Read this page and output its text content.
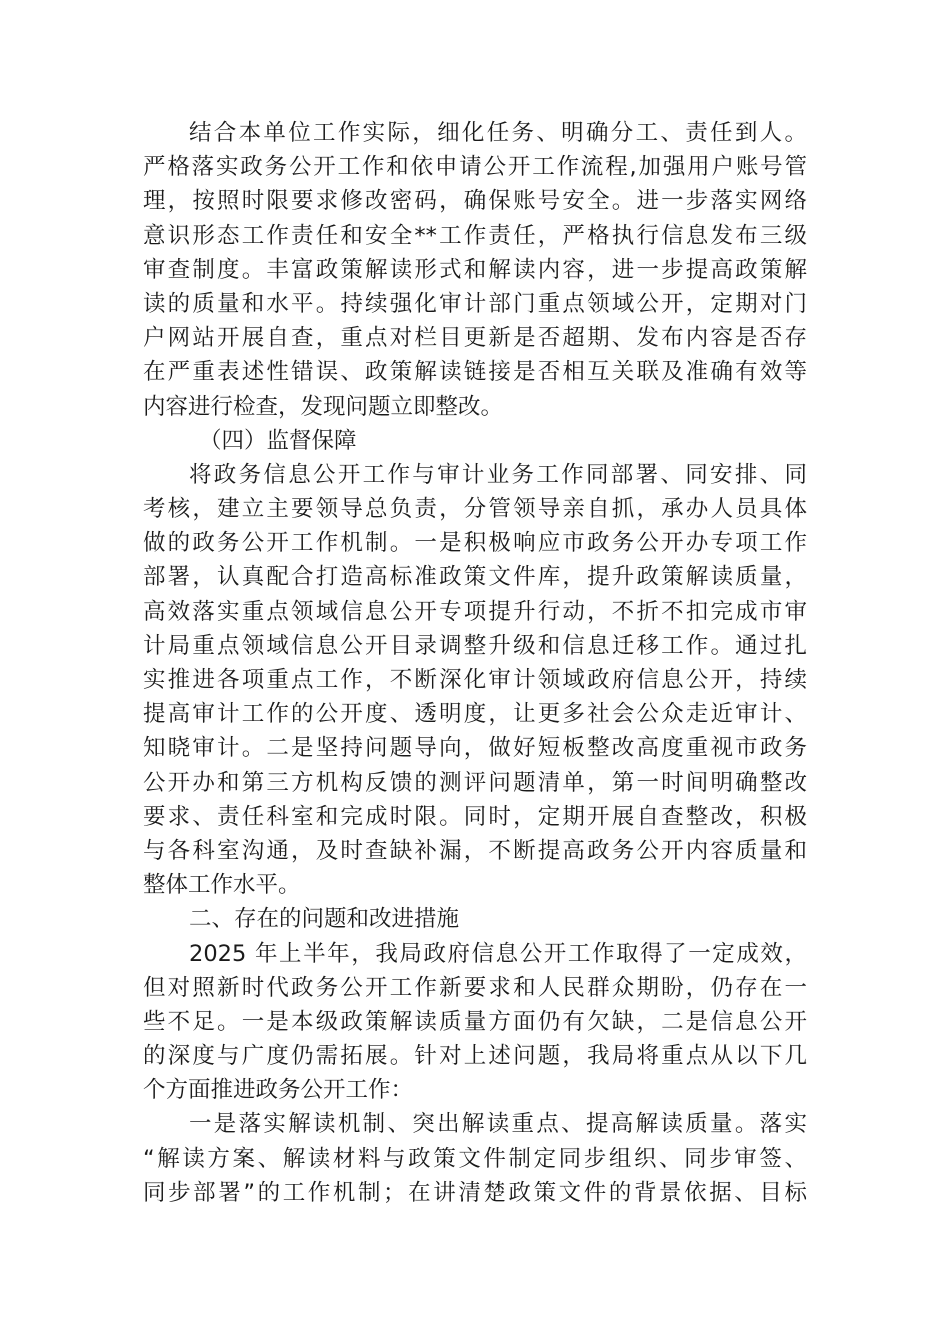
结合本单位工作实际，细化任务、明确分工、责任到人。
严格落实政务公开工作和依申请公开工作流程,加强用户账号管
理，按照时限要求修改密码，确保账号安全。进一步落实网络
意识形态工作责任和安全**工作责任，严格执行信息发布三级
审查制度。丰富政策解读形式和解读内容，进一步提高政策解
读的质量和水平。持续强化审计部门重点领域公开，定期对门
户网站开展自查，重点对栏目更新是否超期、发布内容是否存
在严重表述性错误、政策解读链接是否相互关联及准确有效等
内容进行检查，发现问题立即整改。
（四）监督保障
将政务信息公开工作与审计业务工作同部署、同安排、同
考核，建立主要领导总负责，分管领导亲自抓，承办人员具体
做的政务公开工作机制。一是积极响应市政务公开办专项工作
部署，认真配合打造高标准政策文件库，提升政策解读质量，
高效落实重点领域信息公开专项提升行动，不折不扣完成市审
计局重点领域信息公开目录调整升级和信息迁移工作。通过扎
实推进各项重点工作，不断深化审计领域政府信息公开，持续
提高审计工作的公开度、透明度，让更多社会公众走近审计、
知晓审计。二是坚持问题导向，做好短板整改高度重视市政务
公开办和第三方机构反馈的测评问题清单，第一时间明确整改
要求、责任科室和完成时限。同时，定期开展自查整改，积极
与各科室沟通，及时查缺补漏，不断提高政务公开内容质量和
整体工作水平。
二、存在的问题和改进措施
2025 年上半年，我局政府信息公开工作取得了一定成效，
但对照新时代政务公开工作新要求和人民群众期盼，仍存在一
些不足。一是本级政策解读质量方面仍有欠缺，二是信息公开
的深度与广度仍需拓展。针对上述问题，我局将重点从以下几
个方面推进政务公开工作：
一是落实解读机制、突出解读重点、提高解读质量。落实
“解读方案、解读材料与政策文件制定同步组织、同步审签、
同步部署”的工作机制；在讲清楚政策文件的背景依据、目标
